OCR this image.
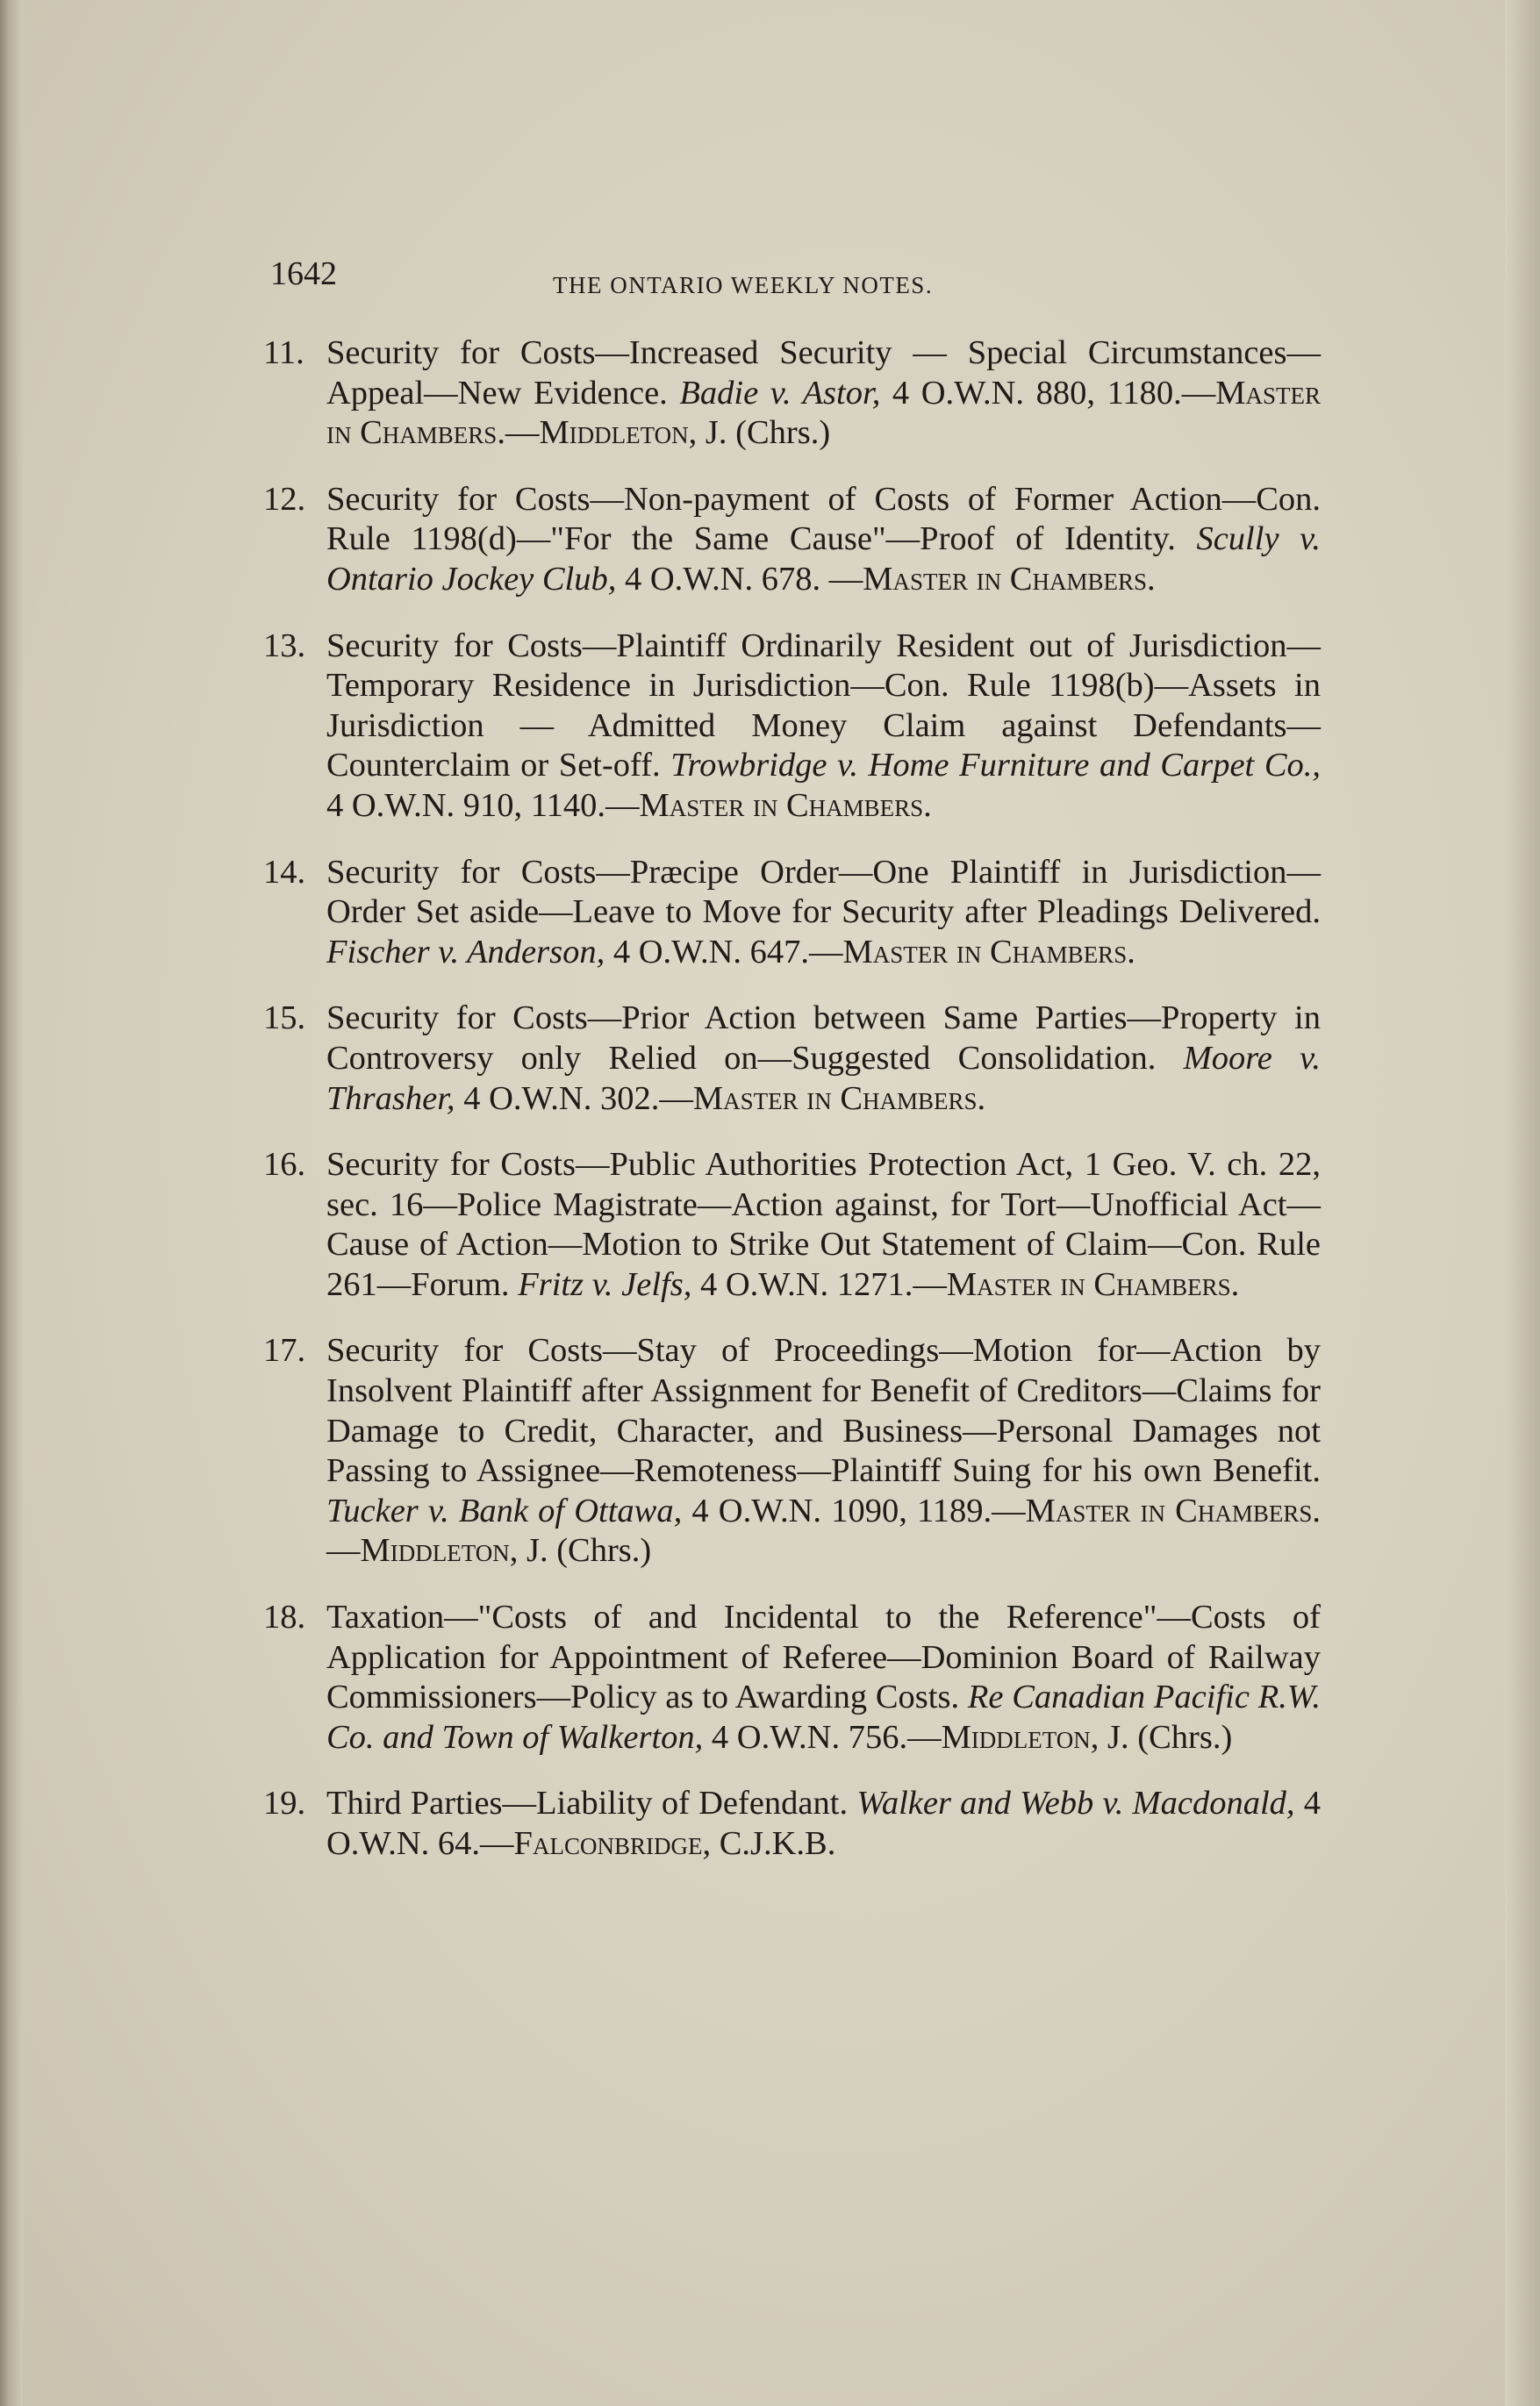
1642	THE ONTARIO WEEKLY NOTES.
11. Security for Costs—Increased Security — Special Circumstances—Appeal—New Evidence. Badie v. Astor, 4 O.W.N. 880, 1180.—Master in Chambers.—Middleton, J. (Chrs.)
12. Security for Costs—Non-payment of Costs of Former Action—Con. Rule 1198(d)—"For the Same Cause"—Proof of Identity. Scully v. Ontario Jockey Club, 4 O.W.N. 678. —Master in Chambers.
13. Security for Costs—Plaintiff Ordinarily Resident out of Jurisdiction—Temporary Residence in Jurisdiction—Con. Rule 1198(b)—Assets in Jurisdiction — Admitted Money Claim against Defendants—Counterclaim or Set-off. Trowbridge v. Home Furniture and Carpet Co., 4 O.W.N. 910, 1140.—Master in Chambers.
14. Security for Costs—Præcipe Order—One Plaintiff in Jurisdiction—Order Set aside—Leave to Move for Security after Pleadings Delivered. Fischer v. Anderson, 4 O.W.N. 647.—Master in Chambers.
15. Security for Costs—Prior Action between Same Parties—Property in Controversy only Relied on—Suggested Consolidation. Moore v. Thrasher, 4 O.W.N. 302.—Master in Chambers.
16. Security for Costs—Public Authorities Protection Act, 1 Geo. V. ch. 22, sec. 16—Police Magistrate—Action against, for Tort—Unofficial Act—Cause of Action—Motion to Strike Out Statement of Claim—Con. Rule 261—Forum. Fritz v. Jelfs, 4 O.W.N. 1271.—Master in Chambers.
17. Security for Costs—Stay of Proceedings—Motion for—Action by Insolvent Plaintiff after Assignment for Benefit of Creditors—Claims for Damage to Credit, Character, and Business—Personal Damages not Passing to Assignee—Remoteness—Plaintiff Suing for his own Benefit. Tucker v. Bank of Ottawa, 4 O.W.N. 1090, 1189.—Master in Chambers.—Middleton, J. (Chrs.)
18. Taxation—"Costs of and Incidental to the Reference"—Costs of Application for Appointment of Referee—Dominion Board of Railway Commissioners—Policy as to Awarding Costs. Re Canadian Pacific R.W. Co. and Town of Walkerton, 4 O.W.N. 756.—Middleton, J. (Chrs.)
19. Third Parties—Liability of Defendant. Walker and Webb v. Macdonald, 4 O.W.N. 64.—Falconbridge, C.J.K.B.
